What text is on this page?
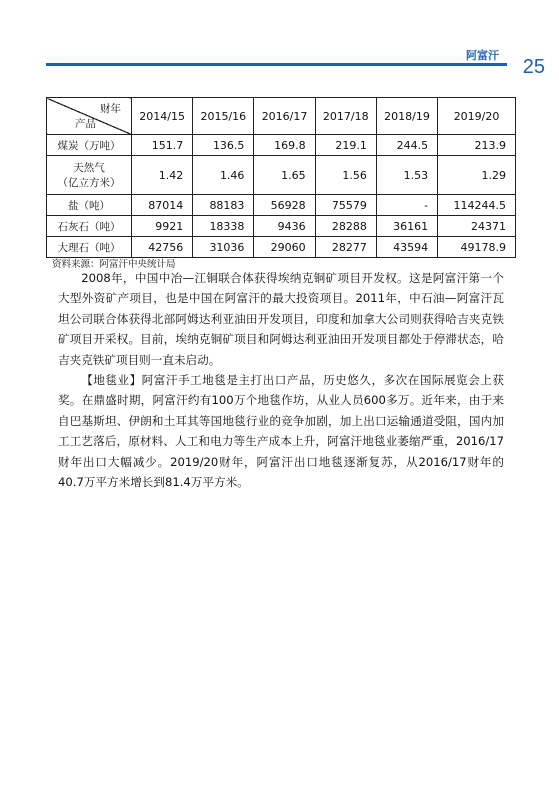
阿富汗
25
财年
产品	2014/15	2015/16	2016/17	2017/18	2018/19	2019/20
煤炭（万吨）	151.7	136.5	169.8	219.1	244.5	213.9

天然气
（亿立方米）	1.42	1.46	1.65	1.56	1.53	1.29
盐（吨）	87014	88183	56928	75579	-	114244.5
石灰石（吨）	9921	18338	9436	28288	36161	24371
大理石（吨）	42756	31036	29060	28277	43594	49178.9
资料来源：阿富汗中央统计局

2008年，中国中冶—江铜联合体获得埃纳克铜矿项目开发权。这是阿富汗第一个大型外资矿产项目，也是中国在阿富汗的最大投资项目。2011年，中石油—阿富汗瓦坦公司联合体获得北部阿姆达利亚油田开发项目，印度和加拿大公司则获得哈吉夹克铁矿项目开采权。目前，埃纳克铜矿项目和阿姆达利亚油田开发项目都处于停滞状态，哈吉夹克铁矿项目则一直未启动。

【地毯业】阿富汗手工地毯是主打出口产品，历史悠久，多次在国际展览会上获奖。在鼎盛时期，阿富汗约有100万个地毯作坊，从业人员600多万。近年来，由于来自巴基斯坦、伊朗和土耳其等国地毯行业的竞争加剧，加上出口运输通道受阻，国内加工工艺落后，原材料、人工和电力等生产成本上升，阿富汗地毯业萎缩严重，2016/17财年出口大幅减少。2019/20财年，阿富汗出口地毯逐渐复苏，从2016/17财年的40.7万平方米增长到81.4万平方米。
